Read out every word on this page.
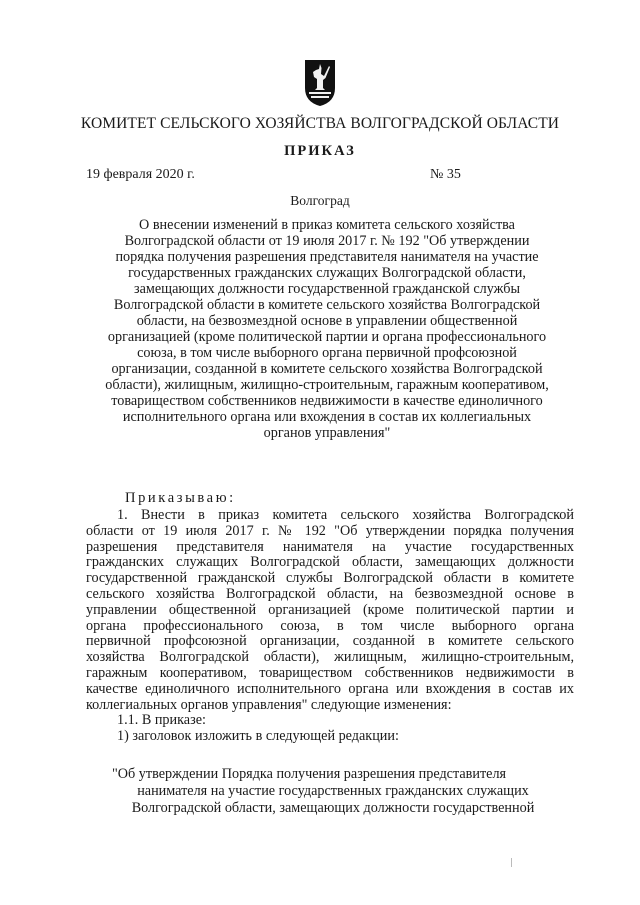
КОМИТЕТ СЕЛЬСКОГО ХОЗЯЙСТВА ВОЛГОГРАДСКОЙ ОБЛАСТИ
ПРИКАЗ
19 февраля 2020 г.	№ 35
Волгоград
О внесении изменений в приказ комитета сельского хозяйства
Волгоградской области от 19 июля 2017 г. № 192 "Об утверждении
порядка получения разрешения представителя нанимателя на участие
государственных гражданских служащих Волгоградской области,
замещающих должности государственной гражданской службы
Волгоградской области в комитете сельского хозяйства Волгоградской
области, на безвозмездной основе в управлении общественной
организацией (кроме политической партии и органа профессионального
союза, в том числе выборного органа первичной профсоюзной
организации, созданной в комитете сельского хозяйства Волгоградской
области), жилищным, жилищно-строительным, гаражным кооперативом,
товариществом собственников недвижимости в качестве единоличного
исполнительного органа или вхождения в состав их коллегиальных
органов управления"
Приказываю:
1. Внести в приказ комитета сельского хозяйства Волгоградской
области от 19 июля 2017 г. № 192 "Об утверждении порядка получения
разрешения представителя нанимателя на участие государственных
гражданских служащих Волгоградской области, замещающих должности
государственной гражданской службы Волгоградской области в комитете
сельского хозяйства Волгоградской области, на безвозмездной основе в
управлении общественной организацией (кроме политической партии и
органа профессионального союза, в том числе выборного органа
первичной профсоюзной организации, созданной в комитете сельского
хозяйства Волгоградской области), жилищным, жилищно-строительным,
гаражным кооперативом, товариществом собственников недвижимости в
качестве единоличного исполнительного органа или вхождения в состав их
коллегиальных органов управления" следующие изменения:
1.1. В приказе:
1) заголовок изложить в следующей редакции:
"Об утверждении Порядка получения разрешения представителя
нанимателя на участие государственных гражданских служащих
Волгоградской области, замещающих должности государственной
